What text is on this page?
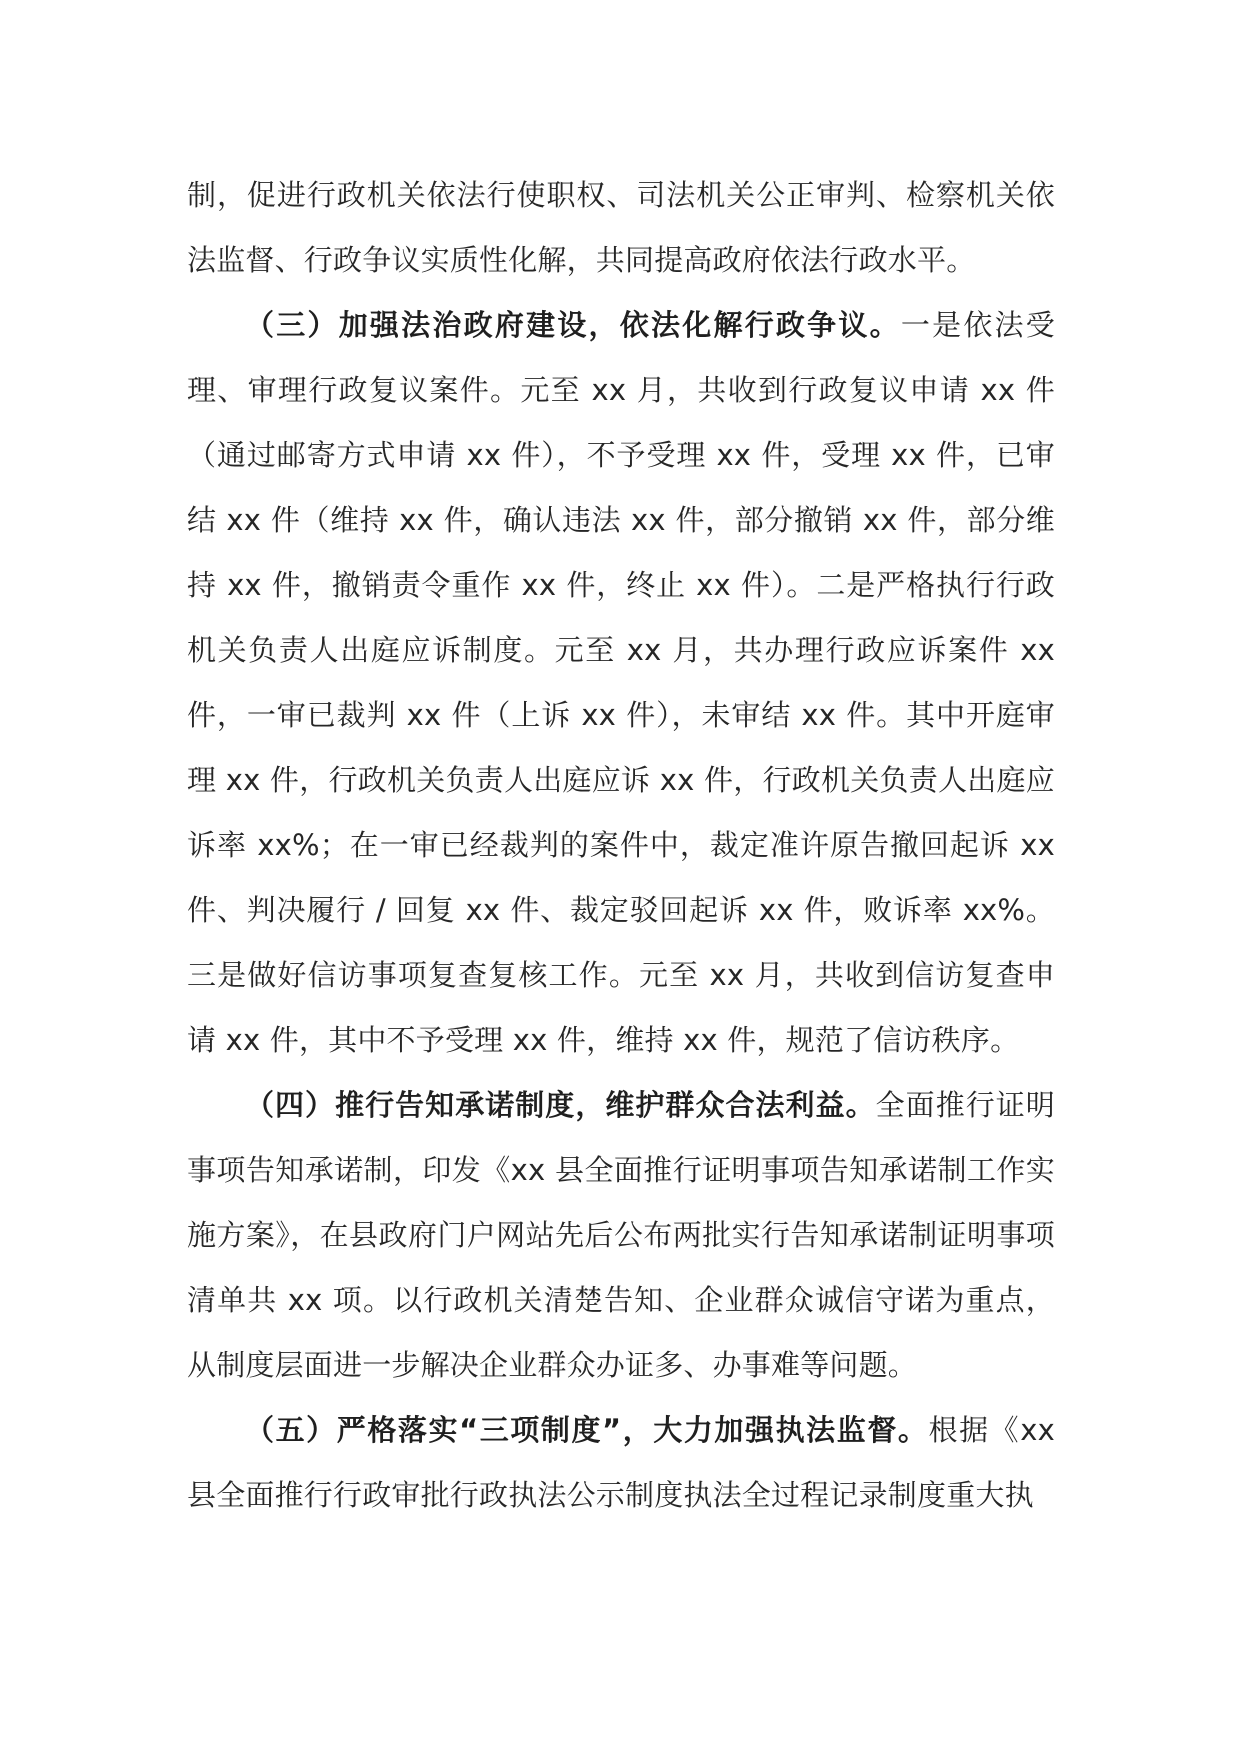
制，促进行政机关依法行使职权、司法机关公正审判、检察机关依法监督、行政争议实质性化解，共同提高政府依法行政水平。

（三）加强法治政府建设，依法化解行政争议。一是依法受理、审理行政复议案件。元至 xx 月，共收到行政复议申请 xx 件（通过邮寄方式申请 xx 件），不予受理 xx 件，受理 xx 件，已审结 xx 件（维持 xx 件，确认违法 xx 件，部分撤销 xx 件，部分维持 xx 件，撤销责令重作 xx 件，终止 xx 件）。二是严格执行行政机关负责人出庭应诉制度。元至 xx 月，共办理行政应诉案件 xx 件，一审已裁判 xx 件（上诉 xx 件），未审结 xx 件。其中开庭审理 xx 件，行政机关负责人出庭应诉 xx 件，行政机关负责人出庭应诉率 xx%；在一审已经裁判的案件中，裁定准许原告撤回起诉 xx 件、判决履行 / 回复 xx 件、裁定驳回起诉 xx 件，败诉率 xx%。三是做好信访事项复查复核工作。元至 xx 月，共收到信访复查申请 xx 件，其中不予受理 xx 件，维持 xx 件，规范了信访秩序。

（四）推行告知承诺制度，维护群众合法利益。全面推行证明事项告知承诺制，印发《xx 县全面推行证明事项告知承诺制工作实施方案》，在县政府门户网站先后公布两批实行告知承诺制证明事项清单共 xx 项。以行政机关清楚告知、企业群众诚信守诺为重点，从制度层面进一步解决企业群众办证多、办事难等问题。

（五）严格落实“三项制度”，大力加强执法监督。根据《xx 县全面推行行政审批行政执法公示制度执法全过程记录制度重大执
